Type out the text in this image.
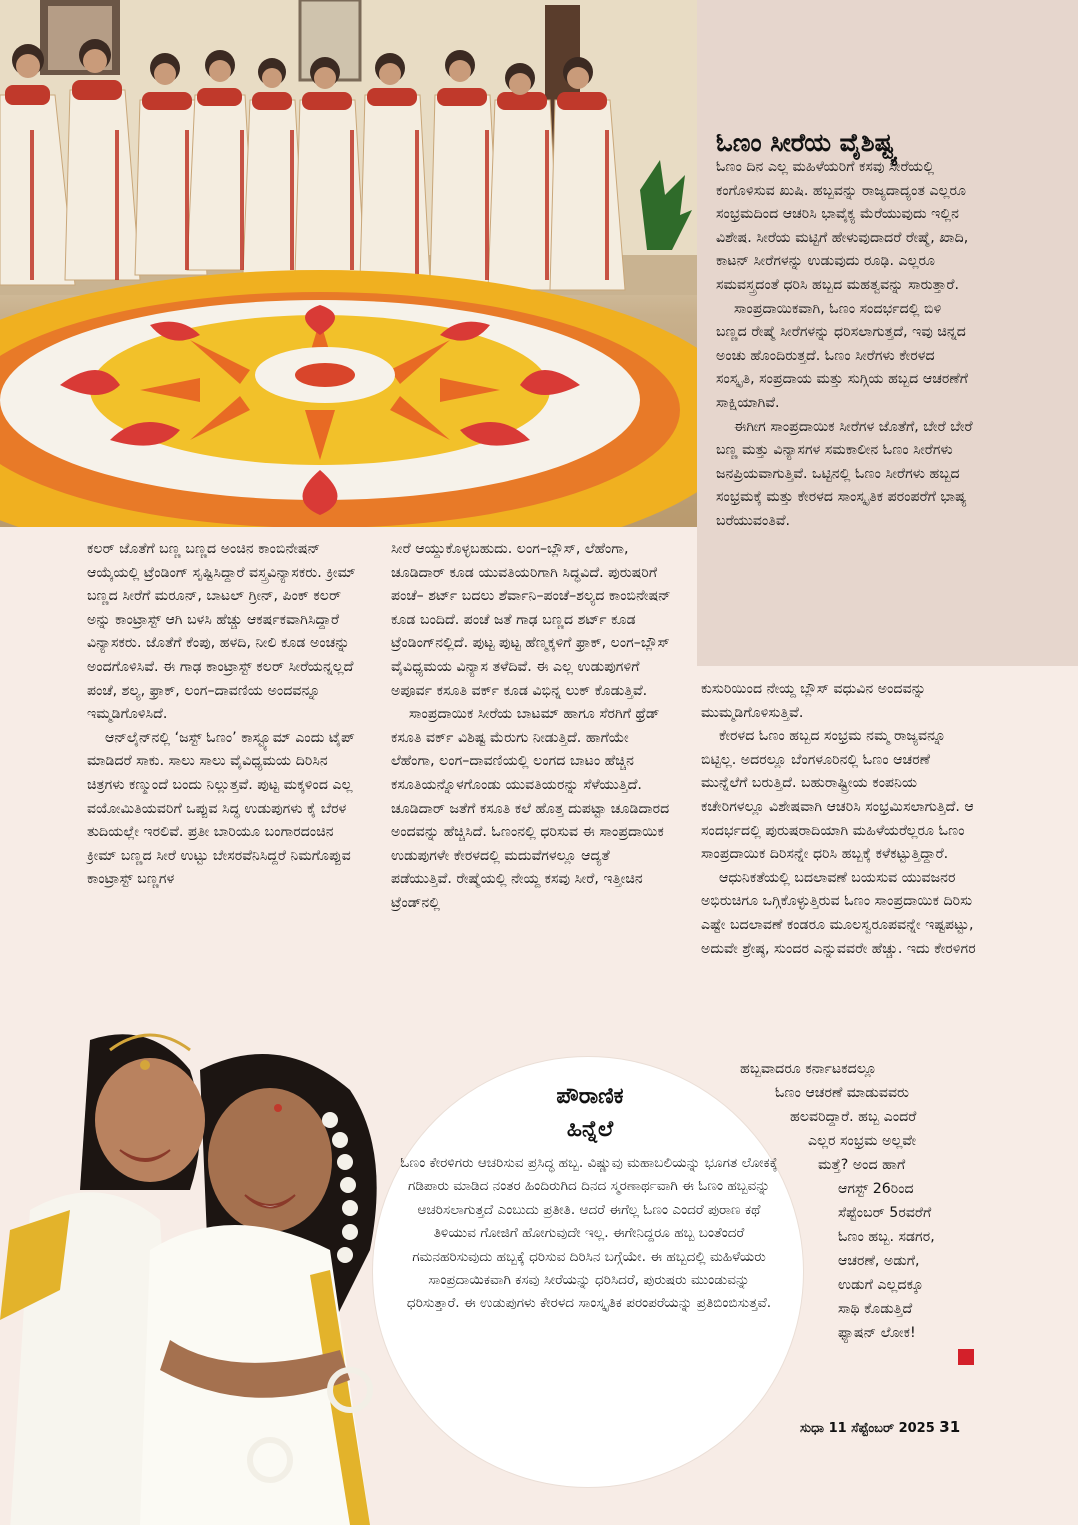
ಓಣಂ ಸೀರೆಯ ವೈಶಿಷ್ಟ್ಯ

ಓಣಂ ದಿನ ಎಲ್ಲ ಮಹಿಳೆಯರಿಗೆ ಕಸವು ಸೀರೆಯಲ್ಲಿ ಕಂಗೊಳಿಸುವ ಖುಷಿ. ಹಬ್ಬವನ್ನು ರಾಜ್ಯದಾದ್ಯಂತ ಎಲ್ಲರೂ ಸಂಭ್ರಮದಿಂದ ಆಚರಿಸಿ ಭಾವೈಕ್ಯ ಮೆರೆಯುವುದು ಇಲ್ಲಿನ ವಿಶೇಷ. ಸೀರೆಯ ಮಟ್ಟಿಗೆ ಹೇಳುವುದಾದರೆ ರೇಷ್ಮೆ, ಖಾದಿ, ಕಾಟನ್ ಸೀರೆಗಳನ್ನು ಉಡುವುದು ರೂಢಿ. ಎಲ್ಲರೂ ಸಮವಸ್ತ್ರದಂತೆ ಧರಿಸಿ ಹಬ್ಬದ ಮಹತ್ವವನ್ನು ಸಾರುತ್ತಾರೆ.

ಸಾಂಪ್ರದಾಯಿಕವಾಗಿ, ಓಣಂ ಸಂದರ್ಭದಲ್ಲಿ ಬಿಳಿ ಬಣ್ಣದ ರೇಷ್ಮೆ ಸೀರೆಗಳನ್ನು ಧರಿಸಲಾಗುತ್ತದೆ, ಇವು ಚಿನ್ನದ ಅಂಚು ಹೊಂದಿರುತ್ತದೆ. ಓಣಂ ಸೀರೆಗಳು ಕೇರಳದ ಸಂಸ್ಕೃತಿ, ಸಂಪ್ರದಾಯ ಮತ್ತು ಸುಗ್ಗಿಯ ಹಬ್ಬದ ಆಚರಣೆಗೆ ಸಾಕ್ಷಿಯಾಗಿವೆ.

ಈಗೀಗ ಸಾಂಪ್ರದಾಯಿಕ ಸೀರೆಗಳ ಜೊತೆಗೆ, ಬೇರೆ ಬೇರೆ ಬಣ್ಣ ಮತ್ತು ವಿನ್ಯಾಸಗಳ ಸಮಕಾಲೀನ ಓಣಂ ಸೀರೆಗಳು ಜನಪ್ರಿಯವಾಗುತ್ತಿವೆ. ಒಟ್ಟಿನಲ್ಲಿ ಓಣಂ ಸೀರೆಗಳು ಹಬ್ಬದ ಸಂಭ್ರಮಕ್ಕೆ ಮತ್ತು ಕೇರಳದ ಸಾಂಸ್ಕೃತಿಕ ಪರಂಪರೆಗೆ ಭಾಷ್ಯ ಬರೆಯುವಂತಿವೆ.

ಕಲರ್ ಜೊತೆಗೆ ಬಣ್ಣ ಬಣ್ಣದ ಅಂಚಿನ ಕಾಂಬಿನೇಷನ್ ಆಯ್ಕೆಯಲ್ಲಿ ಟ್ರೆಂಡಿಂಗ್ ಸೃಷ್ಟಿಸಿದ್ದಾರೆ ವಸ್ತ್ರವಿನ್ಯಾಸಕರು. ಕ್ರೀಮ್ ಬಣ್ಣದ ಸೀರೆಗೆ ಮರೂನ್, ಬಾಟಲ್ ಗ್ರೀನ್, ಪಿಂಕ್ ಕಲರ್ ಅನ್ನು ಕಾಂಟ್ರಾಸ್ಟ್ ಆಗಿ ಬಳಸಿ ಹೆಚ್ಚು ಆಕರ್ಷಕವಾಗಿಸಿದ್ದಾರೆ ವಿನ್ಯಾಸಕರು. ಜೊತೆಗೆ ಕೆಂಪು, ಹಳದಿ, ನೀಲಿ ಕೂಡ ಅಂಚನ್ನು ಅಂದಗೊಳಿಸಿವೆ. ಈ ಗಾಢ ಕಾಂಟ್ರಾಸ್ಟ್ ಕಲರ್ ಸೀರೆಯನ್ನಲ್ಲದೆ ಪಂಚೆ, ಶಲ್ಯ, ಫ್ರಾಕ್, ಲಂಗ–ದಾವಣಿಯ ಅಂದವನ್ನೂ ಇಮ್ಮಡಿಗೊಳಿಸಿದೆ.

ಆನ್‌ಲೈನ್‌ನಲ್ಲಿ ‘ಜಸ್ಟ್ ಓಣಂ’ ಕಾಸ್ಟ್ಯೂಮ್ ಎಂದು ಟೈಪ್ ಮಾಡಿದರೆ ಸಾಕು. ಸಾಲು ಸಾಲು ವೈವಿಧ್ಯಮಯ ದಿರಿಸಿನ ಚಿತ್ರಗಳು ಕಣ್ಮುಂದೆ ಬಂದು ನಿಲ್ಲುತ್ತವೆ. ಪುಟ್ಟ ಮಕ್ಕಳಿಂದ ಎಲ್ಲ ವಯೋಮಿತಿಯವರಿಗೆ ಒಪ್ಪುವ ಸಿದ್ಧ ಉಡುಪುಗಳು ಕೈ ಬೆರಳ ತುದಿಯಲ್ಲೇ ಇರಲಿವೆ. ಪ್ರತೀ ಬಾರಿಯೂ ಬಂಗಾರದಂಚಿನ ಕ್ರೀಮ್ ಬಣ್ಣದ ಸೀರೆ ಉಟ್ಟು ಬೇಸರವೆನಿಸಿದ್ದರೆ ನಿಮಗೊಪ್ಪುವ ಕಾಂಟ್ರಾಸ್ಟ್ ಬಣ್ಣಗಳ

ಸೀರೆ ಆಯ್ದುಕೊಳ್ಳಬಹುದು. ಲಂಗ–ಬ್ಲೌಸ್, ಲೆಹೆಂಗಾ, ಚೂಡಿದಾರ್ ಕೂಡ ಯುವತಿಯರಿಗಾಗಿ ಸಿದ್ಧವಿದೆ. ಪುರುಷರಿಗೆ ಪಂಚೆ– ಶರ್ಟ್ ಬದಲು ಶೆರ್ವಾನಿ–ಪಂಚೆ–ಶಲ್ಯದ ಕಾಂಬಿನೇಷನ್ ಕೂಡ ಬಂದಿದೆ. ಪಂಚೆ ಜತೆ ಗಾಢ ಬಣ್ಣದ ಶರ್ಟ್ ಕೂಡ ಟ್ರೆಂಡಿಂಗ್‌ನಲ್ಲಿದೆ. ಪುಟ್ಟ ಪುಟ್ಟ ಹೆಣ್ಮಕ್ಕಳಿಗೆ ಫ್ರಾಕ್, ಲಂಗ–ಬ್ಲೌಸ್ ವೈವಿಧ್ಯಮಯ ವಿನ್ಯಾಸ ತಳೆದಿವೆ. ಈ ಎಲ್ಲ ಉಡುಪುಗಳಿಗೆ ಅಪೂರ್ವ ಕಸೂತಿ ವರ್ಕ್ ಕೂಡ ವಿಭಿನ್ನ ಲುಕ್ ಕೊಡುತ್ತಿವೆ.

ಸಾಂಪ್ರದಾಯಿಕ ಸೀರೆಯ ಬಾಟಮ್ ಹಾಗೂ ಸೆರಗಿಗೆ ಥ್ರೆಡ್ ಕಸೂತಿ ವರ್ಕ್ ವಿಶಿಷ್ಟ ಮೆರುಗು ನೀಡುತ್ತಿದೆ. ಹಾಗೆಯೇ ಲೆಹೆಂಗಾ, ಲಂಗ–ದಾವಣಿಯಲ್ಲಿ ಲಂಗದ ಬಾಟಂ ಹೆಚ್ಚಿನ ಕಸೂತಿಯನ್ನೊಳಗೊಂಡು ಯುವತಿಯರನ್ನು ಸೆಳೆಯುತ್ತಿದೆ. ಚೂಡಿದಾರ್ ಜತೆಗೆ ಕಸೂತಿ ಕಲೆ ಹೊತ್ತ ದುಪಟ್ಟಾ ಚೂಡಿದಾರದ ಅಂದವನ್ನು ಹೆಚ್ಚಿಸಿದೆ. ಓಣಂನಲ್ಲಿ ಧರಿಸುವ ಈ ಸಾಂಪ್ರದಾಯಿಕ ಉಡುಪುಗಳೇ ಕೇರಳದಲ್ಲಿ ಮದುವೆಗಳಲ್ಲೂ ಆದ್ಯತೆ ಪಡೆಯುತ್ತಿವೆ. ರೇಷ್ಮೆಯಲ್ಲಿ ನೇಯ್ದ ಕಸವು ಸೀರೆ, ಇತ್ತೀಚಿನ ಟ್ರೆಂಡ್‌ನಲ್ಲಿ

ಕುಸುರಿಯಿಂದ ನೇಯ್ದ ಬ್ಲೌಸ್ ವಧುವಿನ ಅಂದವನ್ನು ಮುಮ್ಮಡಿಗೊಳಿಸುತ್ತಿವೆ.

ಕೇರಳದ ಓಣಂ ಹಬ್ಬದ ಸಂಭ್ರಮ ನಮ್ಮ ರಾಜ್ಯವನ್ನೂ ಬಿಟ್ಟಿಲ್ಲ. ಅದರಲ್ಲೂ ಬೆಂಗಳೂರಿನಲ್ಲಿ ಓಣಂ ಆಚರಣೆ ಮುನ್ನೆಲೆಗೆ ಬರುತ್ತಿದೆ. ಬಹುರಾಷ್ಟ್ರೀಯ ಕಂಪನಿಯ ಕಚೇರಿಗಳಲ್ಲೂ ವಿಶೇಷವಾಗಿ ಆಚರಿಸಿ ಸಂಭ್ರಮಿಸಲಾಗುತ್ತಿದೆ. ಆ ಸಂದರ್ಭದಲ್ಲಿ ಪುರುಷರಾದಿಯಾಗಿ ಮಹಿಳೆಯರೆಲ್ಲರೂ ಓಣಂ ಸಾಂಪ್ರದಾಯಿಕ ದಿರಿಸನ್ನೇ ಧರಿಸಿ ಹಬ್ಬಕ್ಕೆ ಕಳೆಕಟ್ಟುತ್ತಿದ್ದಾರೆ.

ಆಧುನಿಕತೆಯಲ್ಲಿ ಬದಲಾವಣೆ ಬಯಸುವ ಯುವಜನರ ಅಭಿರುಚಿಗೂ ಒಗ್ಗಿಕೊಳ್ಳುತ್ತಿರುವ ಓಣಂ ಸಾಂಪ್ರದಾಯಿಕ ದಿರಿಸು ಎಷ್ಟೇ ಬದಲಾವಣೆ ಕಂಡರೂ ಮೂಲಸ್ವರೂಪವನ್ನೇ ಇಷ್ಟಪಟ್ಟು, ಅದುವೇ ಶ್ರೇಷ್ಠ, ಸುಂದರ ಎನ್ನುವವರೇ ಹೆಚ್ಚು. ಇದು ಕೇರಳಿಗರ

ಹಬ್ಬವಾದರೂ ಕರ್ನಾಟಕದಲ್ಲೂ
ಓಣಂ ಆಚರಣೆ ಮಾಡುವವರು
ಹಲವರಿದ್ದಾರೆ. ಹಬ್ಬ ಎಂದರೆ
ಎಲ್ಲರ ಸಂಭ್ರಮ ಅಲ್ಲವೇ
ಮತ್ತೆ? ಅಂದ ಹಾಗೆ
ಆಗಸ್ಟ್ 26ರಿಂದ
ಸೆಪ್ಟೆಂಬರ್ 5ರವರೆಗೆ
ಓಣಂ ಹಬ್ಬ. ಸಡಗರ,
ಆಚರಣೆ, ಅಡುಗೆ,
ಉಡುಗೆ ಎಲ್ಲದಕ್ಕೂ
ಸಾಥಿ ಕೊಡುತ್ತಿದೆ
ಫ್ಯಾಷನ್ ಲೋಕ!
ಪೌರಾಣಿಕ
ಹಿನ್ನೆಲೆ
ಓಣಂ ಕೇರಳಿಗರು ಆಚರಿಸುವ ಪ್ರಸಿದ್ಧ ಹಬ್ಬ. ವಿಷ್ಣುವು ಮಹಾಬಲಿಯನ್ನು ಭೂಗತ ಲೋಕಕ್ಕೆ ಗಡಿಪಾರು ಮಾಡಿದ ನಂತರ ಹಿಂದಿರುಗಿದ ದಿನದ ಸ್ಮರಣಾರ್ಥವಾಗಿ ಈ ಓಣಂ ಹಬ್ಬವನ್ನು ಆಚರಿಸಲಾಗುತ್ತದೆ ಎಂಬುದು ಪ್ರತೀತಿ. ಆದರೆ ಈಗೆಲ್ಲ ಓಣಂ ಎಂದರೆ ಪುರಾಣ ಕಥೆ ತಿಳಿಯುವ ಗೋಜಿಗೆ ಹೋಗುವುದೇ ಇಲ್ಲ. ಈಗೇನಿದ್ದರೂ ಹಬ್ಬ ಬಂತೆಂದರೆ ಗಮನಹರಿಸುವುದು ಹಬ್ಬಕ್ಕೆ ಧರಿಸುವ ದಿರಿಸಿನ ಬಗ್ಗೆಯೇ. ಈ ಹಬ್ಬದಲ್ಲಿ ಮಹಿಳೆಯರು ಸಾಂಪ್ರದಾಯಿಕವಾಗಿ ಕಸವು ಸೀರೆಯನ್ನು ಧರಿಸಿದರೆ, ಪುರುಷರು ಮುಂಡುವನ್ನು ಧರಿಸುತ್ತಾರೆ. ಈ ಉಡುಪುಗಳು ಕೇರಳದ ಸಾಂಸ್ಕೃತಿಕ ಪರಂಪರೆಯನ್ನು ಪ್ರತಿಬಿಂಬಿಸುತ್ತವೆ.
ಸುಧಾ 11 ಸೆಪ್ಟೆಂಬರ್ 2025 31
